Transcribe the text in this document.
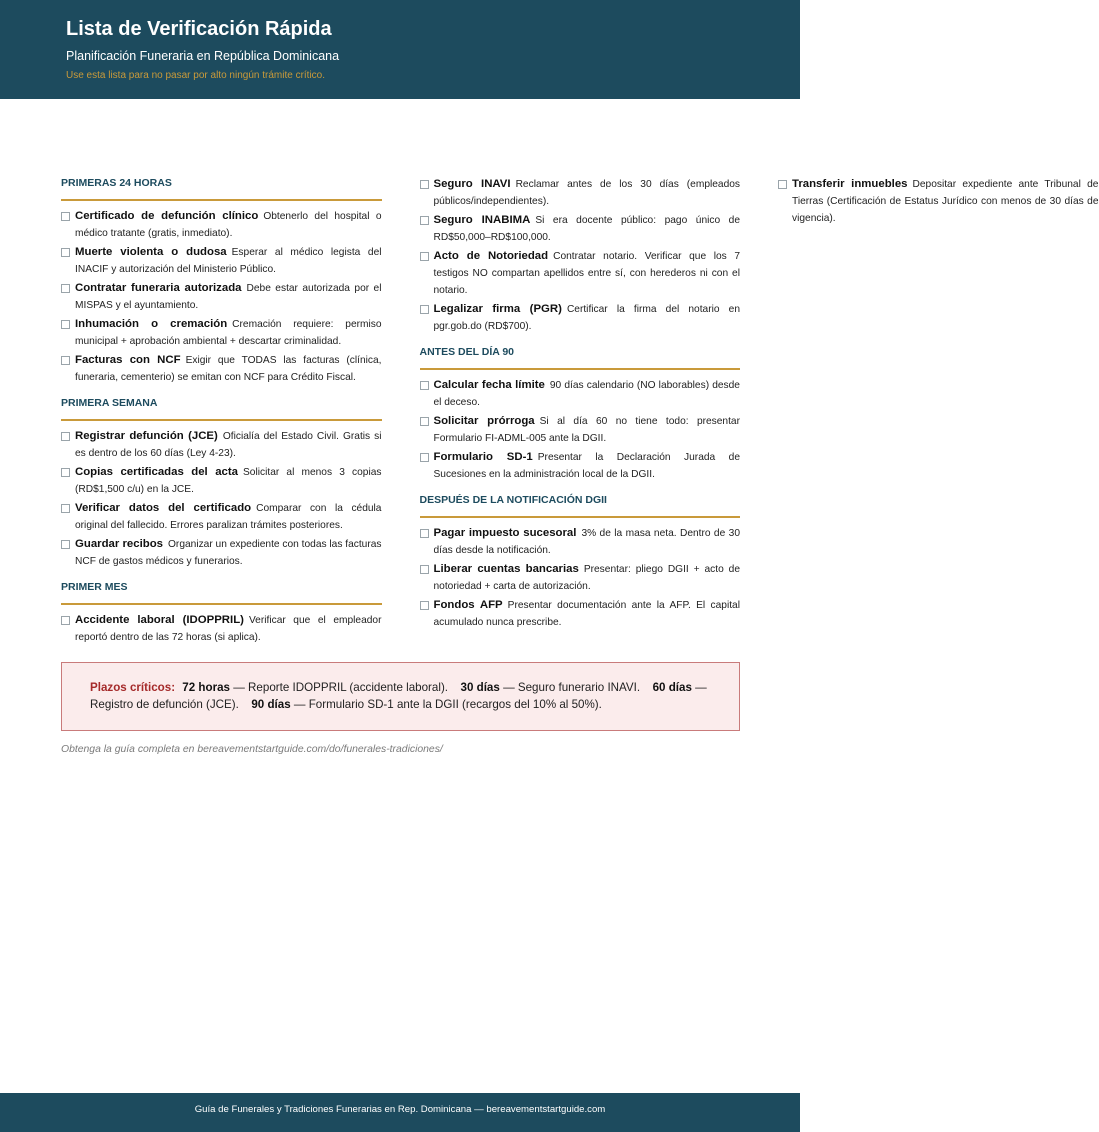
Lista de Verificación Rápida
Planificación Funeraria en República Dominicana
Use esta lista para no pasar por alto ningún trámite crítico.
PRIMERAS 24 HORAS
Certificado de defunción clínico Obtenerlo del hospital o médico tratante (gratis, inmediato).
Muerte violenta o dudosa Esperar al médico legista del INACIF y autorización del Ministerio Público.
Contratar funeraria autorizada Debe estar autorizada por el MISPAS y el ayuntamiento.
Inhumación o cremación Cremación requiere: permiso municipal + aprobación ambiental + descartar criminalidad.
Facturas con NCF Exigir que TODAS las facturas (clínica, funeraria, cementerio) se emitan con NCF para Crédito Fiscal.
PRIMERA SEMANA
Registrar defunción (JCE) Oficialía del Estado Civil. Gratis si es dentro de los 60 días (Ley 4-23).
Copias certificadas del acta Solicitar al menos 3 copias (RD$1,500 c/u) en la JCE.
Verificar datos del certificado Comparar con la cédula original del fallecido. Errores paralizan trámites posteriores.
Guardar recibos Organizar un expediente con todas las facturas NCF de gastos médicos y funerarios.
PRIMER MES
Accidente laboral (IDOPPRIL) Verificar que el empleador reportó dentro de las 72 horas (si aplica).
Seguro INAVI Reclamar antes de los 30 días (empleados públicos/independientes).
Seguro INABIMA Si era docente público: pago único de RD$50,000–RD$100,000.
Acto de Notoriedad Contratar notario. Verificar que los 7 testigos NO compartan apellidos entre sí, con herederos ni con el notario.
Legalizar firma (PGR) Certificar la firma del notario en pgr.gob.do (RD$700).
ANTES DEL DÍA 90
Calcular fecha límite 90 días calendario (NO laborables) desde el deceso.
Solicitar prórroga Si al día 60 no tiene todo: presentar Formulario FI-ADML-005 ante la DGII.
Formulario SD-1 Presentar la Declaración Jurada de Sucesiones en la administración local de la DGII.
DESPUÉS DE LA NOTIFICACIÓN DGII
Pagar impuesto sucesoral 3% de la masa neta. Dentro de 30 días desde la notificación.
Liberar cuentas bancarias Presentar: pliego DGII + acto de notoriedad + carta de autorización.
Fondos AFP Presentar documentación ante la AFP. El capital acumulado nunca prescribe.
Transferir inmuebles Depositar expediente ante Tribunal de Tierras (Certificación de Estatus Jurídico con menos de 30 días de vigencia).
Plazos críticos: 72 horas — Reporte IDOPPRIL (accidente laboral). 30 días — Seguro funerario INAVI. 60 días — Registro de defunción (JCE). 90 días — Formulario SD-1 ante la DGII (recargos del 10% al 50%).
Obtenga la guía completa en bereavementstartguide.com/do/funerales-tradiciones/
Guía de Funerales y Tradiciones Funerarias en Rep. Dominicana — bereavementstartguide.com
